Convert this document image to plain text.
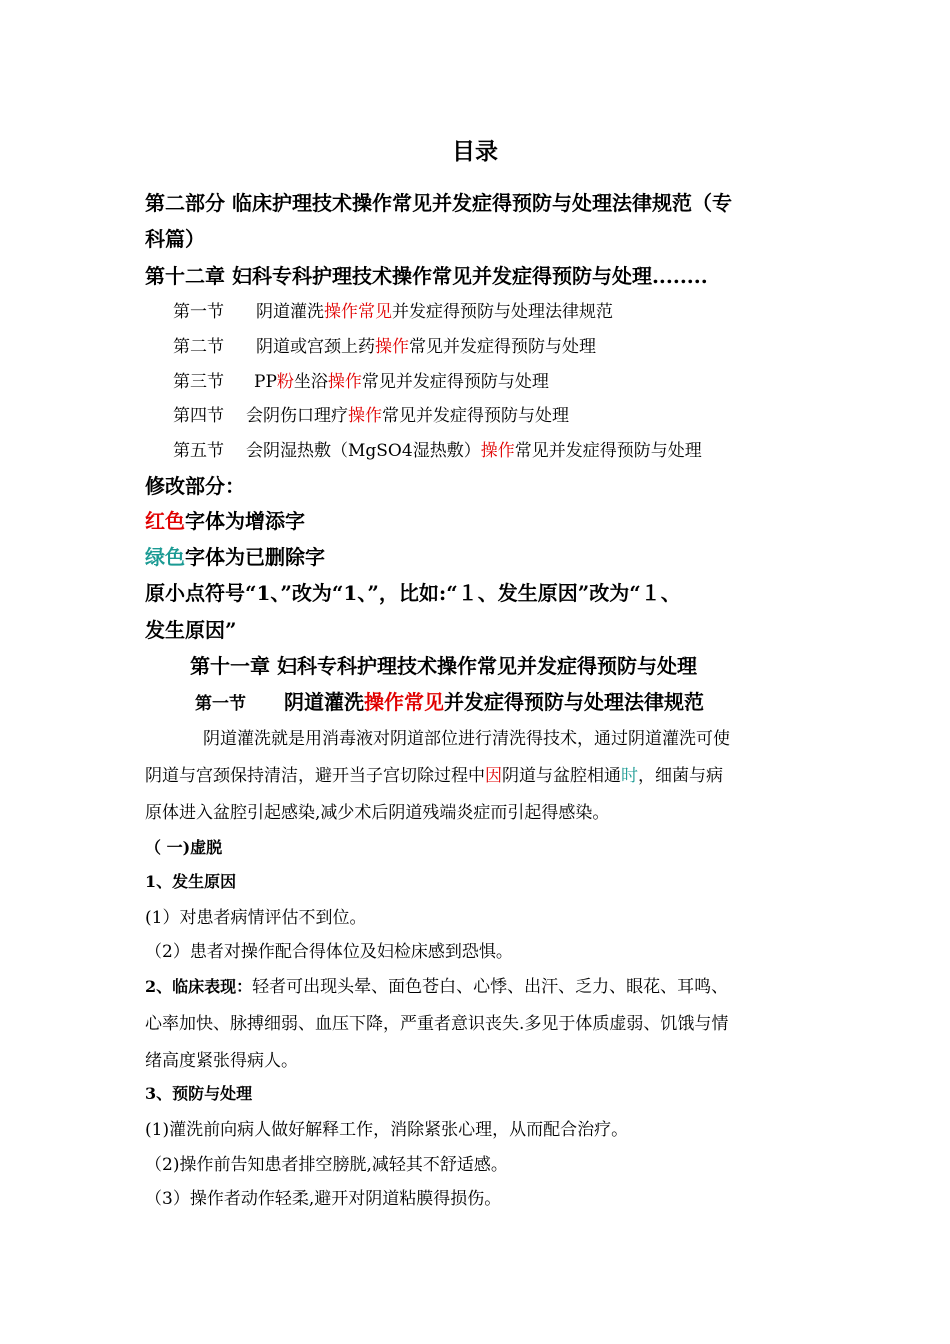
目录
第二部分 临床护理技术操作常见并发症得预防与处理法律规范（专
科篇）
第十二章 妇科专科护理技术操作常见并发症得预防与处理........
第一节 阴道灌洗操作常见并发症得预防与处理法律规范
第二节 阴道或宫颈上药操作常见并发症得预防与处理
第三节 PP粉坐浴操作常见并发症得预防与处理
第四节 会阴伤口理疗操作常见并发症得预防与处理
第五节 会阴湿热敷（MgSO4湿热敷）操作常见并发症得预防与处理
修改部分：
红色字体为增添字
绿色字体为已删除字
原小点符号“1、”改为“1、”，比如:“１、发生原因”改为“１、
发生原因”
第十一章 妇科专科护理技术操作常见并发症得预防与处理
第一节 阴道灌洗操作常见并发症得预防与处理法律规范
阴道灌洗就是用消毒液对阴道部位进行清洗得技术，通过阴道灌洗可使
阴道与宫颈保持清洁，避开当子宫切除过程中因阴道与盆腔相通时，细菌与病
原体进入盆腔引起感染,减少术后阴道残端炎症而引起得感染。
（ 一)虚脱
1、发生原因
(1）对患者病情评估不到位。
（2）患者对操作配合得体位及妇检床感到恐惧。
2、临床表现：轻者可出现头晕、面色苍白、心悸、出汗、乏力、眼花、耳鸣、
心率加快、脉搏细弱、血压下降，严重者意识丧失.多见于体质虚弱、饥饿与情
绪高度紧张得病人。
3、预防与处理
(1)灌洗前向病人做好解释工作，消除紧张心理，从而配合治疗。
（2)操作前告知患者排空膀胱,减轻其不舒适感。
（3）操作者动作轻柔,避开对阴道粘膜得损伤。
